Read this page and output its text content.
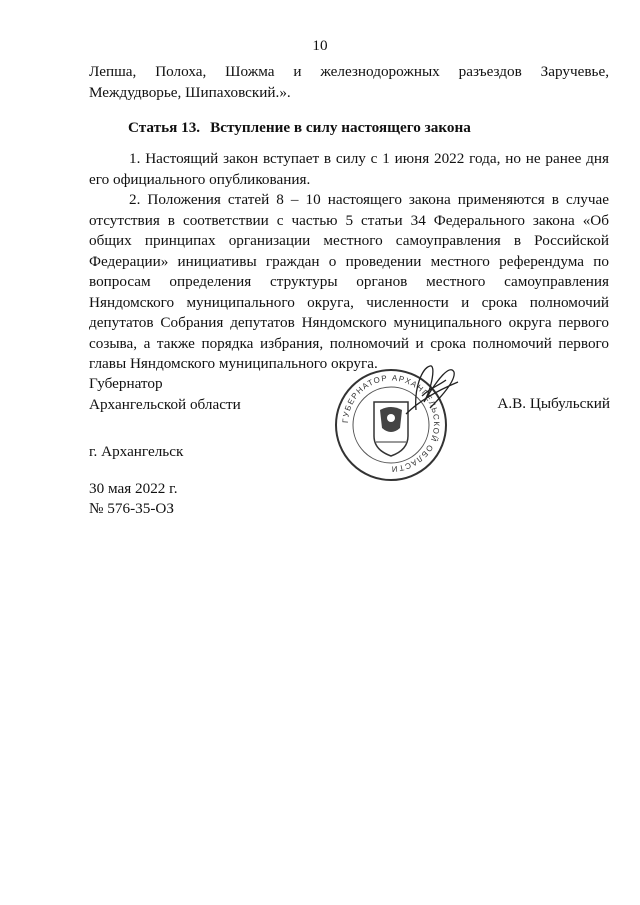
10
Лепша, Полоха, Шожма и железнодорожных разъездов Заручевье,
Междудворье, Шипаховский.».
Статья 13. Вступление в силу настоящего закона

1. Настоящий закон вступает в силу с 1 июня 2022 года, но не ранее дня его официального опубликования.

2. Положения статей 8 – 10 настоящего закона применяются в случае отсутствия в соответствии с частью 5 статьи 34 Федерального закона «Об общих принципах организации местного самоуправления в Российской Федерации» инициативы граждан о проведении местного референдума по вопросам определения структуры органов местного самоуправления Няндомского муниципального округа, численности и срока полномочий депутатов Собрания депутатов Няндомского муниципального округа первого созыва, а также порядка избрания, полномочий и срока полномочий первого главы Няндомского муниципального округа.

Губернатор
Архангельской области
ГУБЕРНАТОР АРХАНГЕЛЬСКОЙ ОБЛАСТИ
А.В. Цыбульский
г. Архангельск
30 мая 2022 г.
№ 576-35-ОЗ
